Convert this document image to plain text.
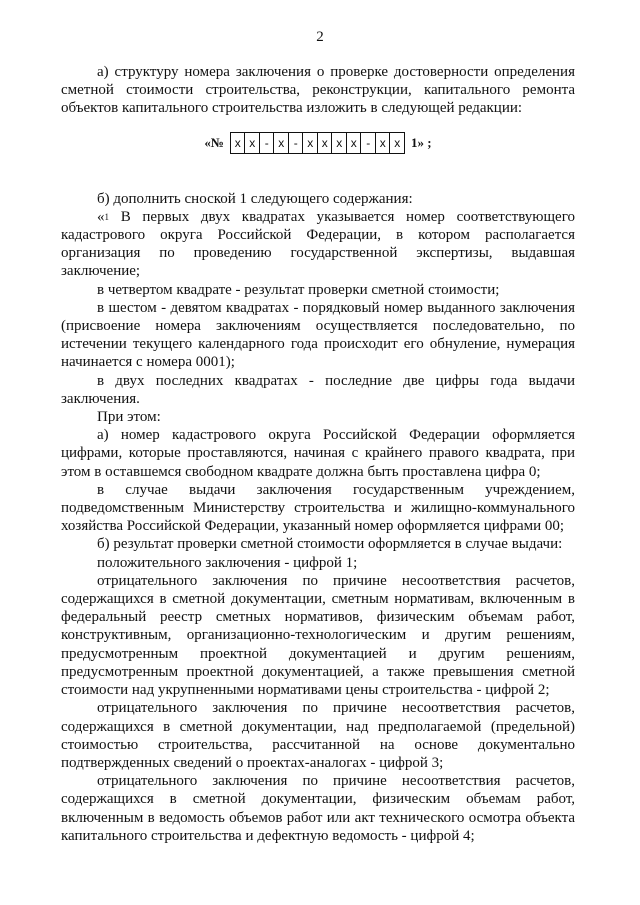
2

а) структуру номера заключения о проверке достоверности определения сметной стоимости строительства, реконструкции, капитального ремонта объектов капитального строительства изложить в следующей редакции:

«№ x x - x - x x x x - x x 1» ;

б) дополнить сноской 1 следующего содержания:

«$^1$ В первых двух квадратах указывается номер соответствующего кадастрового округа Российской Федерации, в котором располагается организация по проведению государственной экспертизы, выдавшая заключение;

в четвертом квадрате - результат проверки сметной стоимости;

в шестом - девятом квадратах - порядковый номер выданного заключения (присвоение номера заключениям осуществляется последовательно, по истечении текущего календарного года происходит его обнуление, нумерация начинается с номера 0001);

в двух последних квадратах - последние две цифры года выдачи заключения.

При этом:

а) номер кадастрового округа Российской Федерации оформляется цифрами, которые проставляются, начиная с крайнего правого квадрата, при этом в оставшемся свободном квадрате должна быть проставлена цифра 0;

в случае выдачи заключения государственным учреждением, подведомственным Министерству строительства и жилищно-коммунального хозяйства Российской Федерации, указанный номер оформляется цифрами 00;

б) результат проверки сметной стоимости оформляется в случае выдачи:

положительного заключения - цифрой 1;

отрицательного заключения по причине несоответствия расчетов, содержащихся в сметной документации, сметным нормативам, включенным в федеральный реестр сметных нормативов, физическим объемам работ, конструктивным, организационно-технологическим и другим решениям, предусмотренным проектной документацией и другим решениям, предусмотренным проектной документацией, а также превышения сметной стоимости над укрупненными нормативами цены строительства - цифрой 2;

отрицательного заключения по причине несоответствия расчетов, содержащихся в сметной документации, над предполагаемой (предельной) стоимостью строительства, рассчитанной на основе документально подтвержденных сведений о проектах-аналогах - цифрой 3;

отрицательного заключения по причине несоответствия расчетов, содержащихся в сметной документации, физическим объемам работ, включенным в ведомость объемов работ или акт технического осмотра объекта капитального строительства и дефектную ведомость - цифрой 4;
